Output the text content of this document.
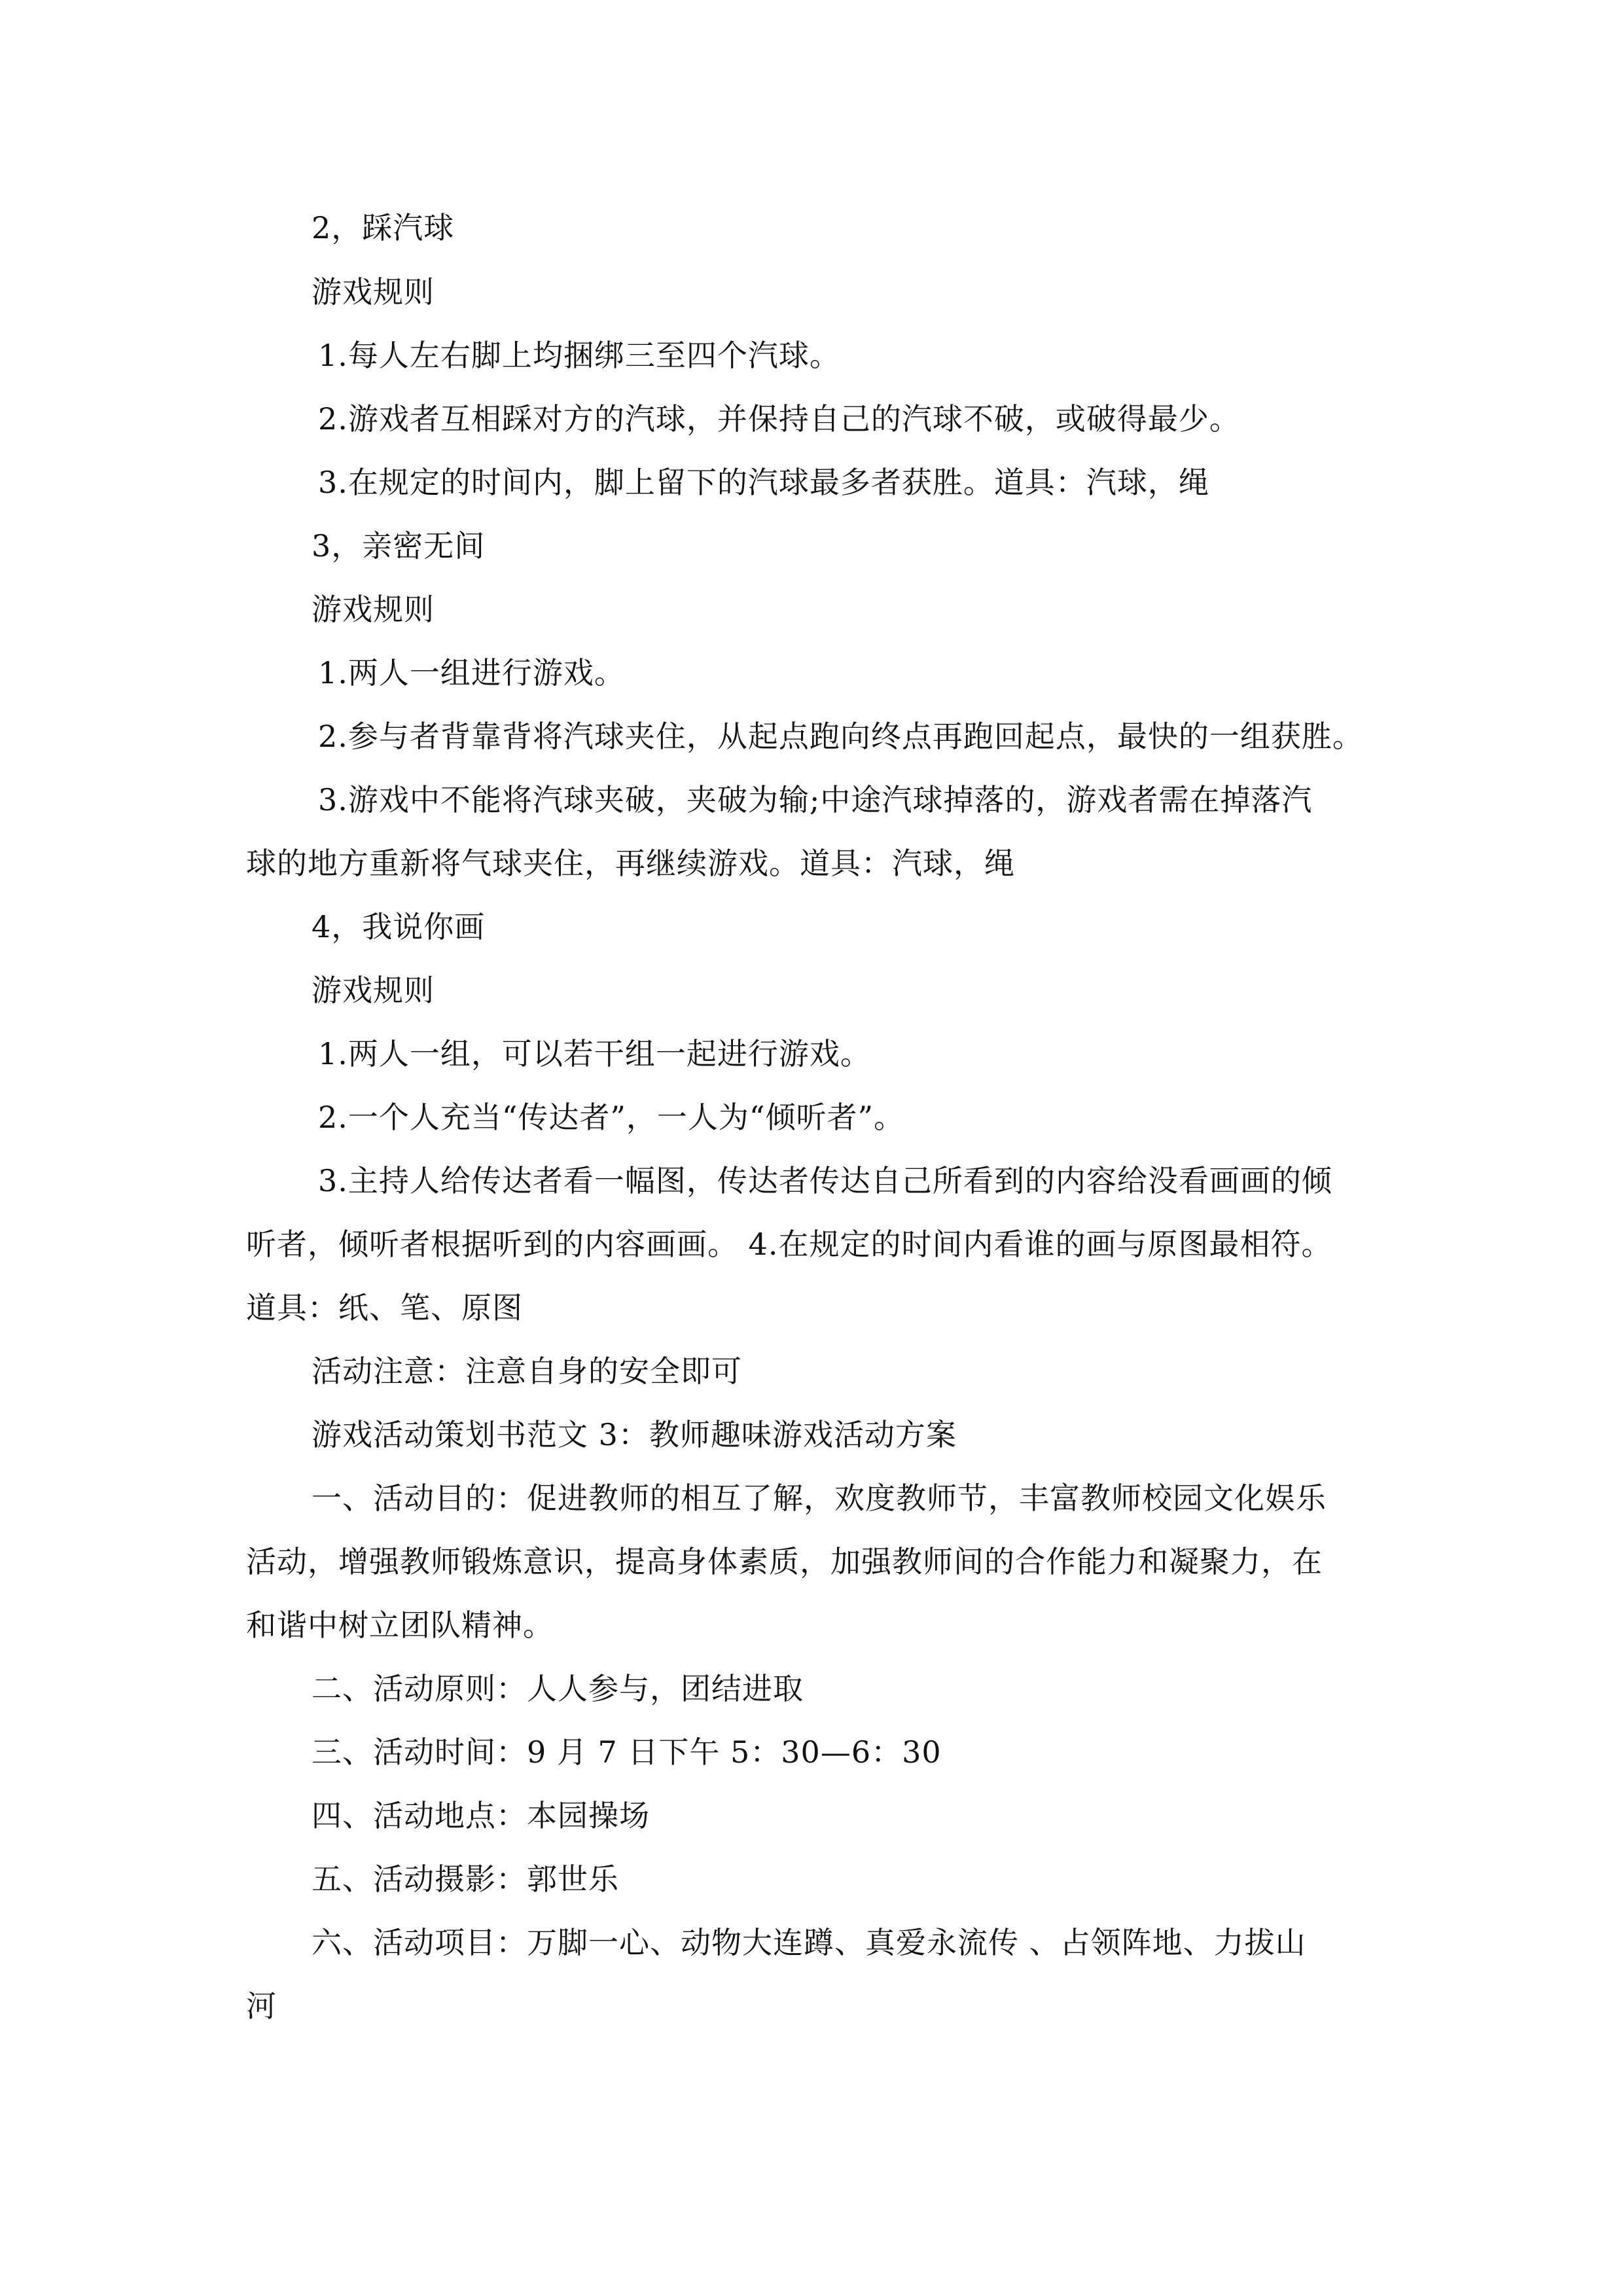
2，踩汽球
游戏规则
1.每人左右脚上均捆绑三至四个汽球。
2.游戏者互相踩对方的汽球，并保持自己的汽球不破，或破得最少。
3.在规定的时间内，脚上留下的汽球最多者获胜。道具：汽球，绳
3，亲密无间
游戏规则
1.两人一组进行游戏。
2.参与者背靠背将汽球夹住，从起点跑向终点再跑回起点，最快的一组获胜。
3.游戏中不能将汽球夹破，夹破为输;中途汽球掉落的，游戏者需在掉落汽
球的地方重新将气球夹住，再继续游戏。道具：汽球，绳
4，我说你画
游戏规则
1.两人一组，可以若干组一起进行游戏。
2.一个人充当“传达者”，一人为“倾听者”。
3.主持人给传达者看一幅图，传达者传达自己所看到的内容给没看画画的倾
听者，倾听者根据听到的内容画画。 4.在规定的时间内看谁的画与原图最相符。
道具：纸、笔、原图
活动注意：注意自身的安全即可
游戏活动策划书范文 3：教师趣味游戏活动方案
一、活动目的：促进教师的相互了解，欢度教师节，丰富教师校园文化娱乐
活动，增强教师锻炼意识，提高身体素质，加强教师间的合作能力和凝聚力，在
和谐中树立团队精神。
二、活动原则：人人参与，团结进取
三、活动时间：9 月 7 日下午 5：30—6：30
四、活动地点：本园操场
五、活动摄影：郭世乐
六、活动项目：万脚一心、动物大连蹲、真爱永流传 、占领阵地、力拔山
河
